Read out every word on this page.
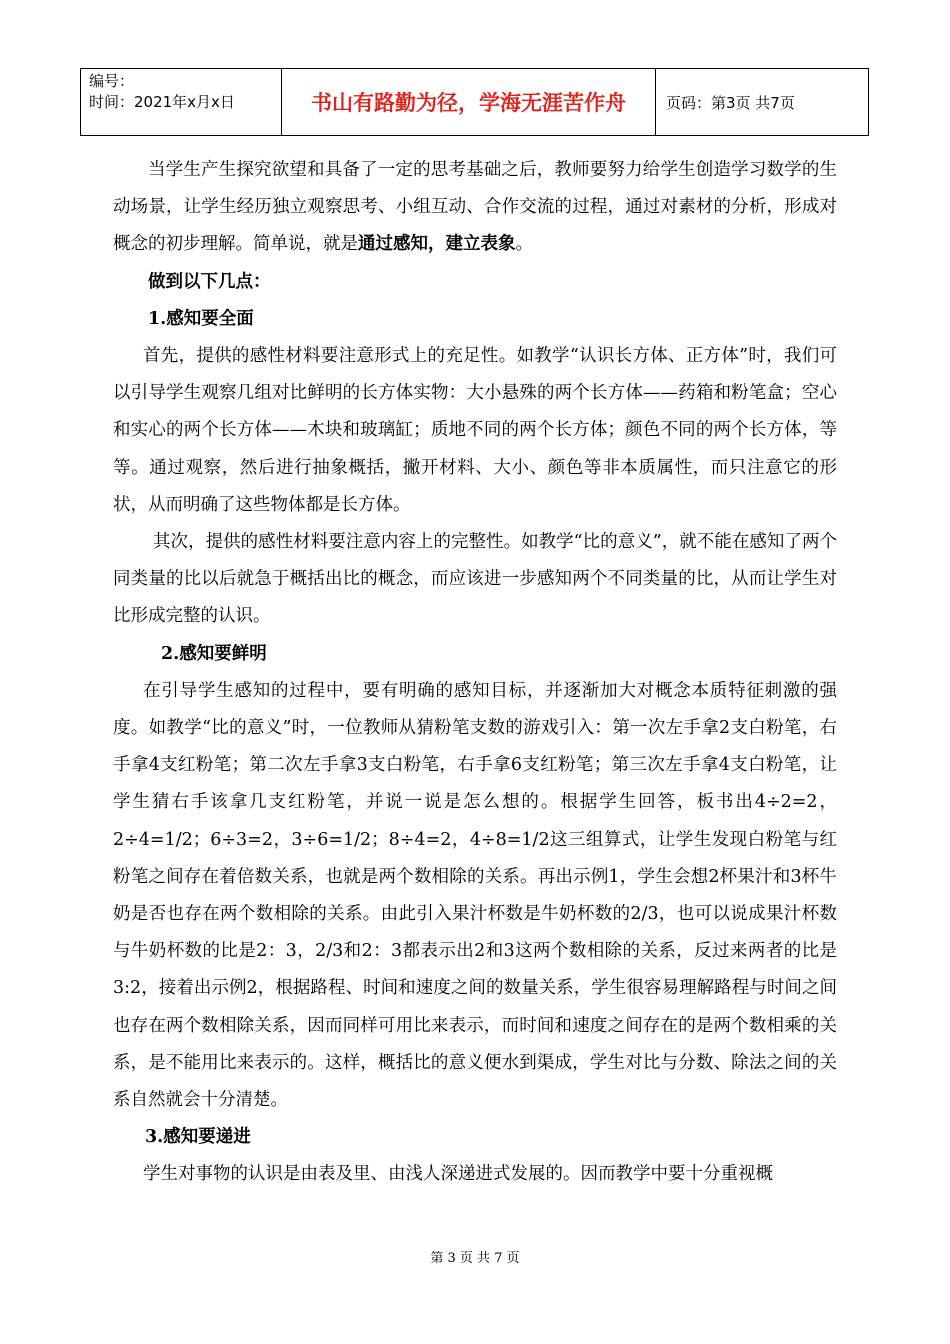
编号：
时间：2021年x月x日	书山有路勤为径，学海无涯苦作舟	页码：第3页 共7页

当学生产生探究欲望和具备了一定的思考基础之后，教师要努力给学生创造学习数学的生动场景，让学生经历独立观察思考、小组互动、合作交流的过程，通过对素材的分析，形成对概念的初步理解。简单说，就是通过感知，建立表象。

做到以下几点：

1.感知要全面

首先，提供的感性材料要注意形式上的充足性。如教学“认识长方体、正方体”时，我们可以引导学生观察几组对比鲜明的长方体实物：大小悬殊的两个长方体——药箱和粉笔盒；空心和实心的两个长方体——木块和玻璃缸；质地不同的两个长方体；颜色不同的两个长方体，等等。通过观察，然后进行抽象概括，撇开材料、大小、颜色等非本质属性，而只注意它的形状，从而明确了这些物体都是长方体。

其次，提供的感性材料要注意内容上的完整性。如教学“比的意义”，就不能在感知了两个同类量的比以后就急于概括出比的概念，而应该进一步感知两个不同类量的比，从而让学生对比形成完整的认识。

2.感知要鲜明

在引导学生感知的过程中，要有明确的感知目标，并逐渐加大对概念本质特征刺激的强度。如教学“比的意义”时，一位教师从猜粉笔支数的游戏引入：第一次左手拿2支白粉笔，右手拿4支红粉笔；第二次左手拿3支白粉笔，右手拿6支红粉笔；第三次左手拿4支白粉笔，让学生猜右手该拿几支红粉笔，并说一说是怎么想的。根据学生回答，板书出4÷2=2，2÷4=1/2；6÷3=2，3÷6=1/2；8÷4=2，4÷8=1/2这三组算式，让学生发现白粉笔与红粉笔之间存在着倍数关系，也就是两个数相除的关系。再出示例1，学生会想2杯果汁和3杯牛奶是否也存在两个数相除的关系。由此引入果汁杯数是牛奶杯数的2/3，也可以说成果汁杯数与牛奶杯数的比是2：3，2/3和2：3都表示出2和3这两个数相除的关系，反过来两者的比是3:2，接着出示例2，根据路程、时间和速度之间的数量关系，学生很容易理解路程与时间之间也存在两个数相除关系，因而同样可用比来表示，而时间和速度之间存在的是两个数相乘的关系，是不能用比来表示的。这样，概括比的意义便水到渠成，学生对比与分数、除法之间的关系自然就会十分清楚。

3.感知要递进

学生对事物的认识是由表及里、由浅人深递进式发展的。因而教学中要十分重视概

第 3 页 共 7 页
